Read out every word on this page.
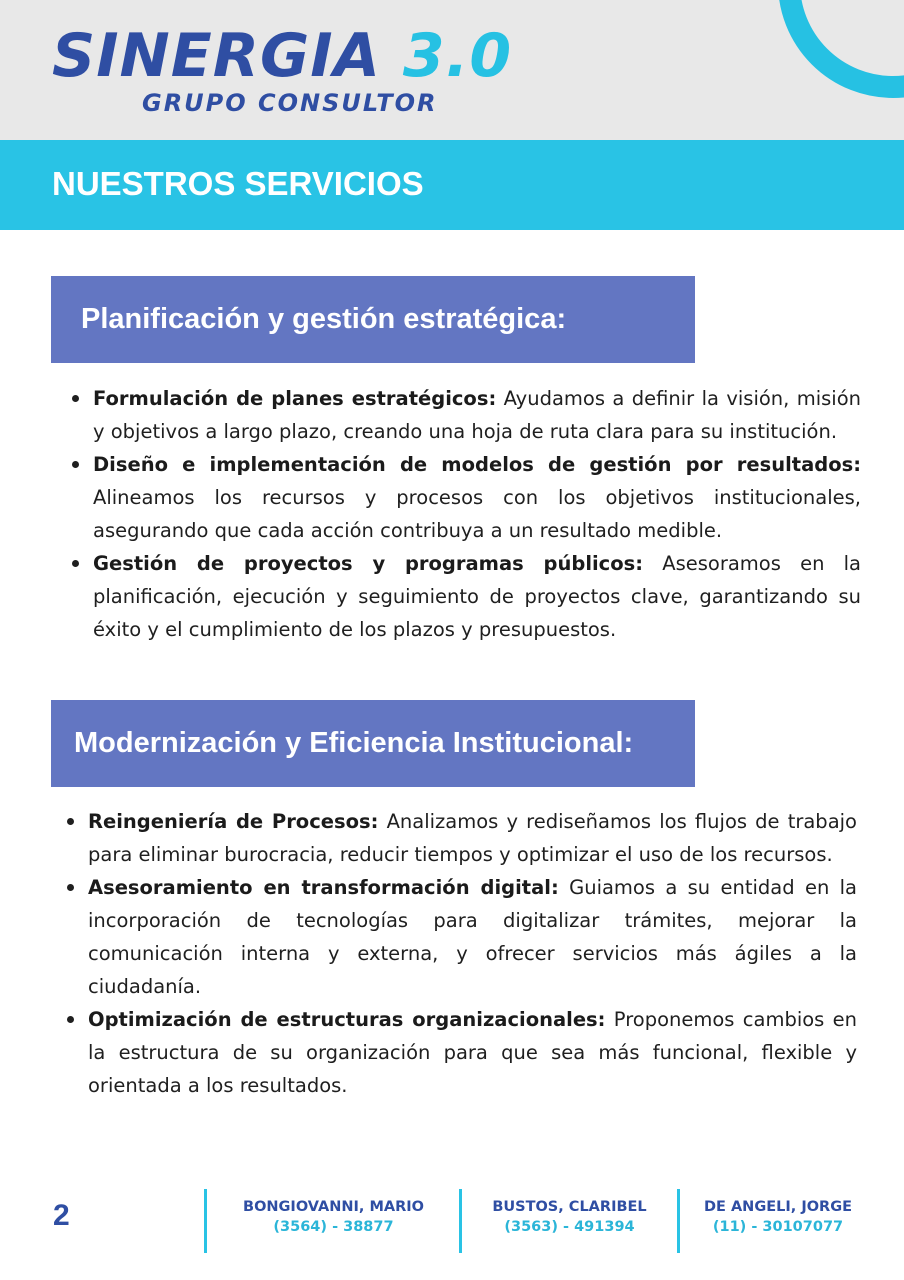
SINERGIA 3.0

GRUPO CONSULTOR

NUESTROS SERVICIOS
Planificación y gestión estratégica:
Formulación de planes estratégicos: Ayudamos a definir la visión, misión y objetivos a largo plazo, creando una hoja de ruta clara para su institución.
Diseño e implementación de modelos de gestión por resultados: Alineamos los recursos y procesos con los objetivos institucionales, asegurando que cada acción contribuya a un resultado medible.
Gestión de proyectos y programas públicos: Asesoramos en la planificación, ejecución y seguimiento de proyectos clave, garantizando su éxito y el cumplimiento de los plazos y presupuestos.
Modernización y Eficiencia Institucional:
Reingeniería de Procesos: Analizamos y rediseñamos los flujos de trabajo para eliminar burocracia, reducir tiempos y optimizar el uso de los recursos.
Asesoramiento en transformación digital: Guiamos a su entidad en la incorporación de tecnologías para digitalizar trámites, mejorar la comunicación interna y externa, y ofrecer servicios más ágiles a la ciudadanía.
Optimización de estructuras organizacionales: Proponemos cambios en la estructura de su organización para que sea más funcional, flexible y orientada a los resultados.

2	BONGIOVANNI, MARIO
(3564) - 38877
BUSTOS, CLARIBEL
(3563) - 491394
DE ANGELI, JORGE
(11) - 30107077
